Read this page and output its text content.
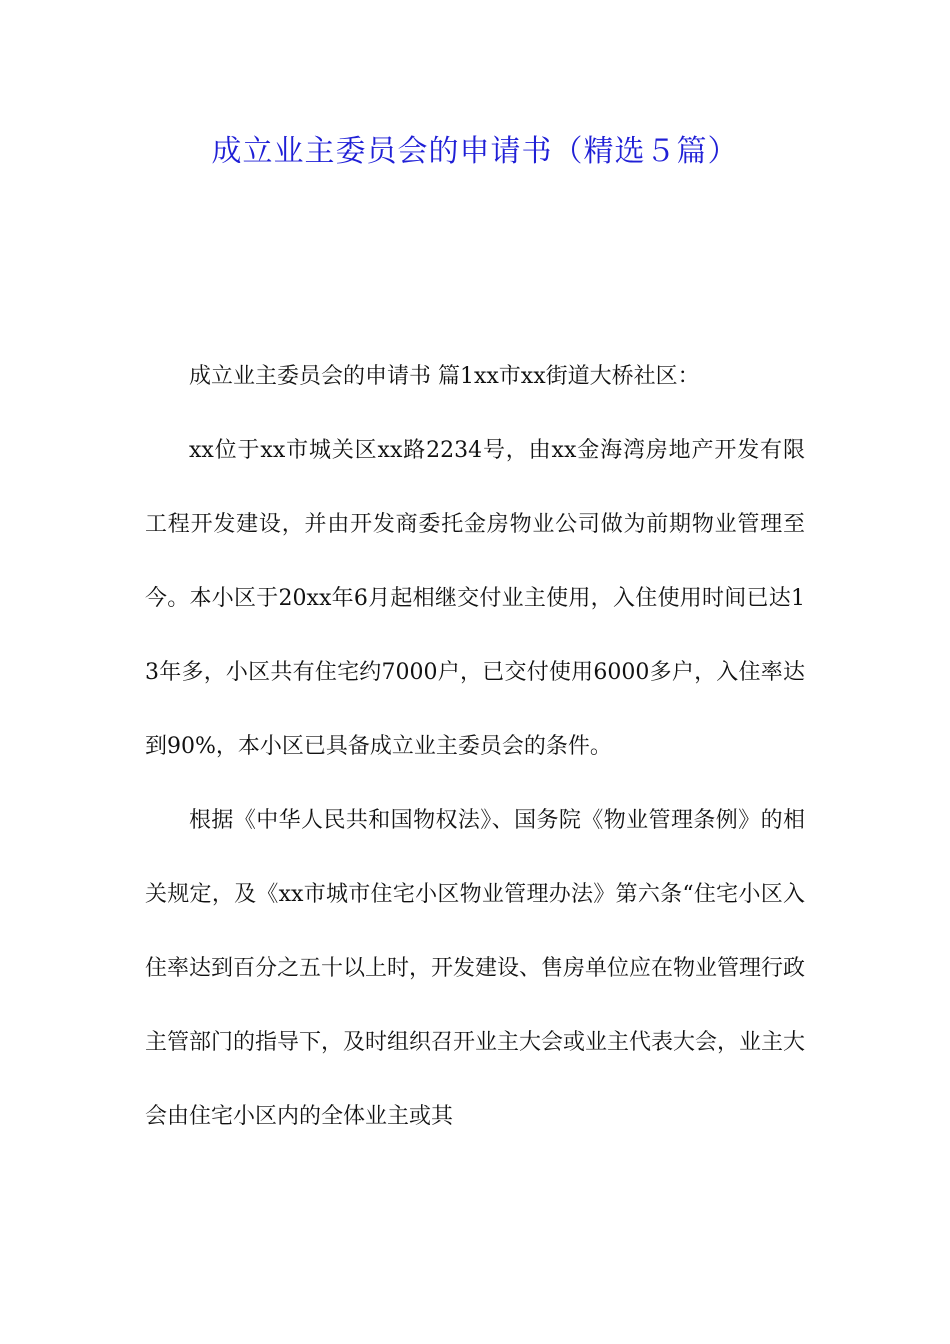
成立业主委员会的申请书（精选５篇）

成立业主委员会的申请书 篇1xx市xx街道大桥社区：

xx位于xx市城关区xx路2234号，由xx金海湾房地产开发有限工程开发建设，并由开发商委托金房物业公司做为前期物业管理至今。本小区于20xx年6月起相继交付业主使用，入住使用时间已达13年多，小区共有住宅约7000户，已交付使用6000多户，入住率达到90%，本小区已具备成立业主委员会的条件。

根据《中华人民共和国物权法》、国务院《物业管理条例》的相关规定，及《xx市城市住宅小区物业管理办法》第六条“住宅小区入住率达到百分之五十以上时，开发建设、售房单位应在物业管理行政主管部门的指导下，及时组织召开业主大会或业主代表大会，业主大会由住宅小区内的全体业主或其
